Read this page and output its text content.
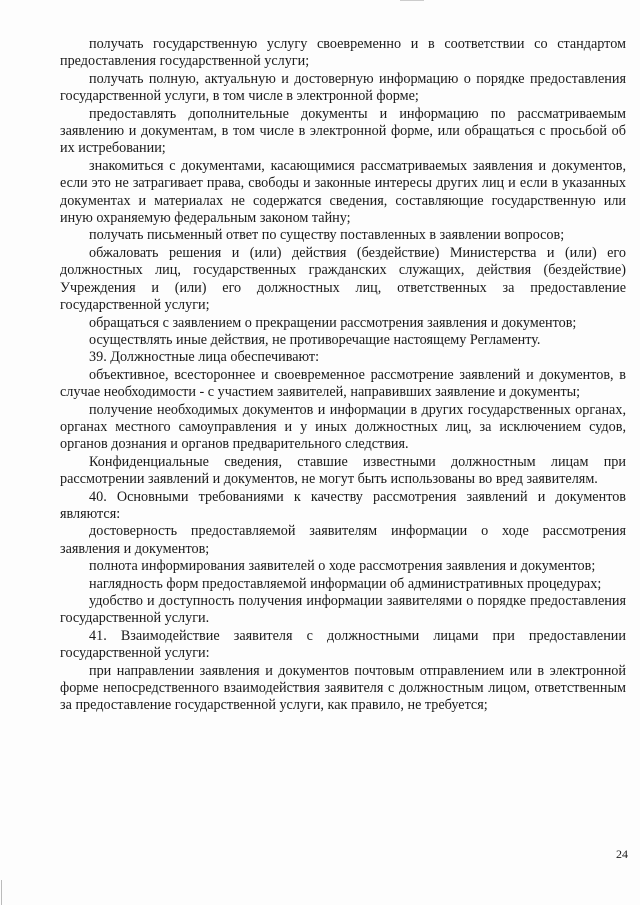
получать государственную услугу своевременно и в соответствии со стандартом предоставления государственной услуги;

получать полную, актуальную и достоверную информацию о порядке предоставления государственной услуги, в том числе в электронной форме;

предоставлять дополнительные документы и информацию по рассматриваемым заявлению и документам, в том числе в электронной форме, или обращаться с просьбой об их истребовании;

знакомиться с документами, касающимися рассматриваемых заявления и документов, если это не затрагивает права, свободы и законные интересы других лиц и если в указанных документах и материалах не содержатся сведения, составляющие государственную или иную охраняемую федеральным законом тайну;

получать письменный ответ по существу поставленных в заявлении вопросов;

обжаловать решения и (или) действия (бездействие) Министерства и (или) его должностных лиц, государственных гражданских служащих, действия (бездействие) Учреждения и (или) его должностных лиц, ответственных за предоставление государственной услуги;

обращаться с заявлением о прекращении рассмотрения заявления и документов;

осуществлять иные действия, не противоречащие настоящему Регламенту.

39. Должностные лица обеспечивают:

объективное, всестороннее и своевременное рассмотрение заявлений и документов, в случае необходимости - с участием заявителей, направивших заявление и документы;

получение необходимых документов и информации в других государственных органах, органах местного самоуправления и у иных должностных лиц, за исключением судов, органов дознания и органов предварительного следствия.

Конфиденциальные сведения, ставшие известными должностным лицам при рассмотрении заявлений и документов, не могут быть использованы во вред заявителям.

40. Основными требованиями к качеству рассмотрения заявлений и документов являются:

достоверность предоставляемой заявителям информации о ходе рассмотрения заявления и документов;

полнота информирования заявителей о ходе рассмотрения заявления и документов;

наглядность форм предоставляемой информации об административных процедурах;

удобство и доступность получения информации заявителями о порядке предоставления государственной услуги.

41. Взаимодействие заявителя с должностными лицами при предоставлении государственной услуги:

при направлении заявления и документов почтовым отправлением или в электронной форме непосредственного взаимодействия заявителя с должностным лицом, ответственным за предоставление государственной услуги, как правило, не требуется;

24
